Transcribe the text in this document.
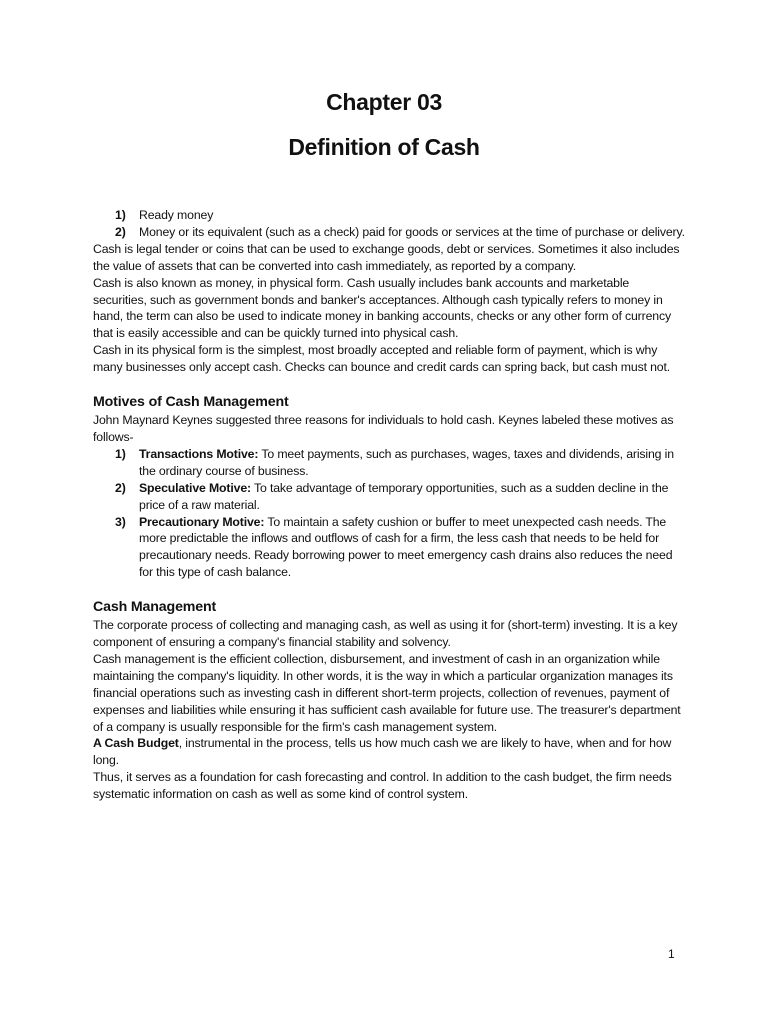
Chapter 03
Definition of Cash
1) Ready money
2) Money or its equivalent (such as a check) paid for goods or services at the time of purchase or delivery.

Cash is legal tender or coins that can be used to exchange goods, debt or services. Sometimes it also includes the value of assets that can be converted into cash immediately, as reported by a company.

Cash is also known as money, in physical form. Cash usually includes bank accounts and marketable securities, such as government bonds and banker's acceptances. Although cash typically refers to money in hand, the term can also be used to indicate money in banking accounts, checks or any other form of currency that is easily accessible and can be quickly turned into physical cash.

Cash in its physical form is the simplest, most broadly accepted and reliable form of payment, which is why many businesses only accept cash. Checks can bounce and credit cards can spring back, but cash must not.

Motives of Cash Management

John Maynard Keynes suggested three reasons for individuals to hold cash. Keynes labeled these motives as follows-

1) Transactions Motive: To meet payments, such as purchases, wages, taxes and dividends, arising in the ordinary course of business.
2) Speculative Motive: To take advantage of temporary opportunities, such as a sudden decline in the price of a raw material.
3) Precautionary Motive: To maintain a safety cushion or buffer to meet unexpected cash needs. The more predictable the inflows and outflows of cash for a firm, the less cash that needs to be held for precautionary needs. Ready borrowing power to meet emergency cash drains also reduces the need for this type of cash balance.
Cash Management

The corporate process of collecting and managing cash, as well as using it for (short-term) investing. It is a key component of ensuring a company's financial stability and solvency.

Cash management is the efficient collection, disbursement, and investment of cash in an organization while maintaining the company's liquidity. In other words, it is the way in which a particular organization manages its financial operations such as investing cash in different short-term projects, collection of revenues, payment of expenses and liabilities while ensuring it has sufficient cash available for future use. The treasurer's department of a company is usually responsible for the firm's cash management system.

A Cash Budget, instrumental in the process, tells us how much cash we are likely to have, when and for how long.

Thus, it serves as a foundation for cash forecasting and control. In addition to the cash budget, the firm needs systematic information on cash as well as some kind of control system.

1
